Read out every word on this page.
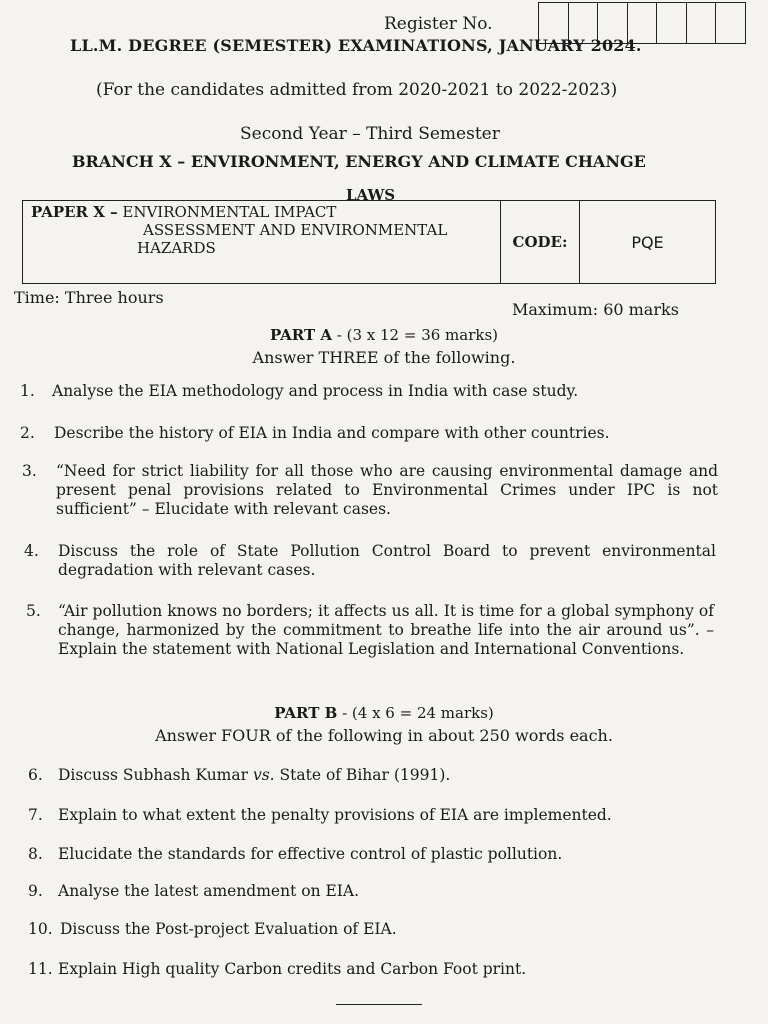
Register No.
LL.M. DEGREE (SEMESTER) EXAMINATIONS, JANUARY 2024.
(For the candidates admitted from 2020-2021 to 2022-2023)
Second Year – Third Semester
BRANCH X – ENVIRONMENT, ENERGY AND CLIMATE CHANGE
LAWS
PAPER X – ENVIRONMENTAL IMPACT
ASSESSMENT AND ENVIRONMENTAL
HAZARDS	CODE:	PQE
Time: Three hours
Maximum: 60 marks
PART A - (3 x 12 = 36 marks)
Answer THREE of the following.
1.	Analyse the EIA methodology and process in India with case study.
2.	Describe the history of EIA in India and compare with other countries.
3.	“Need for strict liability for all those who are causing environmental damage and present penal provisions related to Environmental Crimes under IPC is not sufficient” – Elucidate with relevant cases.
4.	Discuss the role of State Pollution Control Board to prevent environmental degradation with relevant cases.
5.	“Air pollution knows no borders; it affects us all. It is time for a global symphony of change, harmonized by the commitment to breathe life into the air around us”. – Explain the statement with National Legislation and International Conventions.
PART B - (4 x 6 = 24 marks)
Answer FOUR of the following in about 250 words each.
6. Discuss Subhash Kumar vs. State of Bihar (1991).
7. Explain to what extent the penalty provisions of EIA are implemented.
8. Elucidate the standards for effective control of plastic pollution.
9. Analyse the latest amendment on EIA.
10. Discuss the Post-project Evaluation of EIA.
11. Explain High quality Carbon credits and Carbon Foot print.
